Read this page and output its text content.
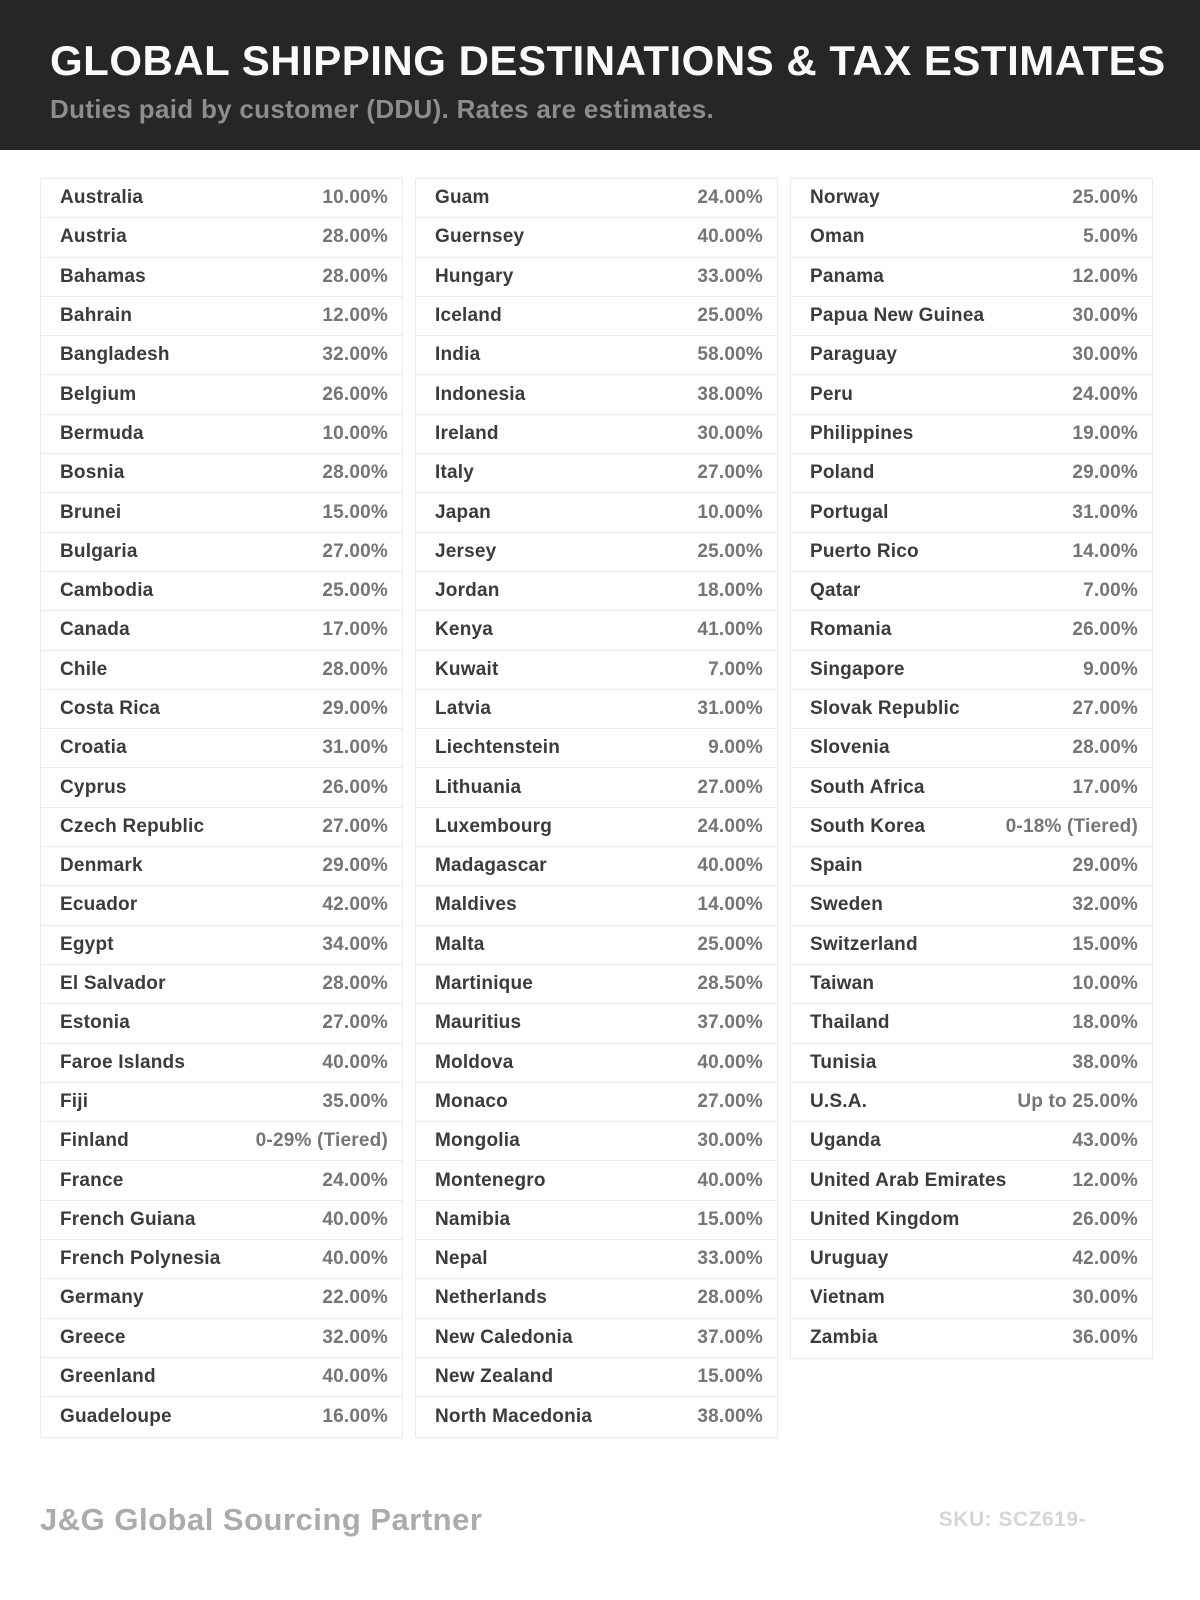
GLOBAL SHIPPING DESTINATIONS & TAX ESTIMATES
Duties paid by customer (DDU). Rates are estimates.
Australia	10.00%
Austria	28.00%
Bahamas	28.00%
Bahrain	12.00%
Bangladesh	32.00%
Belgium	26.00%
Bermuda	10.00%
Bosnia	28.00%
Brunei	15.00%
Bulgaria	27.00%
Cambodia	25.00%
Canada	17.00%
Chile	28.00%
Costa Rica	29.00%
Croatia	31.00%
Cyprus	26.00%
Czech Republic	27.00%
Denmark	29.00%
Ecuador	42.00%
Egypt	34.00%
El Salvador	28.00%
Estonia	27.00%
Faroe Islands	40.00%
Fiji	35.00%
Finland	0-29% (Tiered)
France	24.00%
French Guiana	40.00%
French Polynesia	40.00%
Germany	22.00%
Greece	32.00%
Greenland	40.00%
Guadeloupe	16.00%
Guam	24.00%
Guernsey	40.00%
Hungary	33.00%
Iceland	25.00%
India	58.00%
Indonesia	38.00%
Ireland	30.00%
Italy	27.00%
Japan	10.00%
Jersey	25.00%
Jordan	18.00%
Kenya	41.00%
Kuwait	7.00%
Latvia	31.00%
Liechtenstein	9.00%
Lithuania	27.00%
Luxembourg	24.00%
Madagascar	40.00%
Maldives	14.00%
Malta	25.00%
Martinique	28.50%
Mauritius	37.00%
Moldova	40.00%
Monaco	27.00%
Mongolia	30.00%
Montenegro	40.00%
Namibia	15.00%
Nepal	33.00%
Netherlands	28.00%
New Caledonia	37.00%
New Zealand	15.00%
North Macedonia	38.00%
Norway	25.00%
Oman	5.00%
Panama	12.00%
Papua New Guinea	30.00%
Paraguay	30.00%
Peru	24.00%
Philippines	19.00%
Poland	29.00%
Portugal	31.00%
Puerto Rico	14.00%
Qatar	7.00%
Romania	26.00%
Singapore	9.00%
Slovak Republic	27.00%
Slovenia	28.00%
South Africa	17.00%
South Korea	0-18% (Tiered)
Spain	29.00%
Sweden	32.00%
Switzerland	15.00%
Taiwan	10.00%
Thailand	18.00%
Tunisia	38.00%
U.S.A.	Up to 25.00%
Uganda	43.00%
United Arab Emirates	12.00%
United Kingdom	26.00%
Uruguay	42.00%
Vietnam	30.00%
Zambia	36.00%
J&G Global Sourcing Partner	SKU: SCZ619-
